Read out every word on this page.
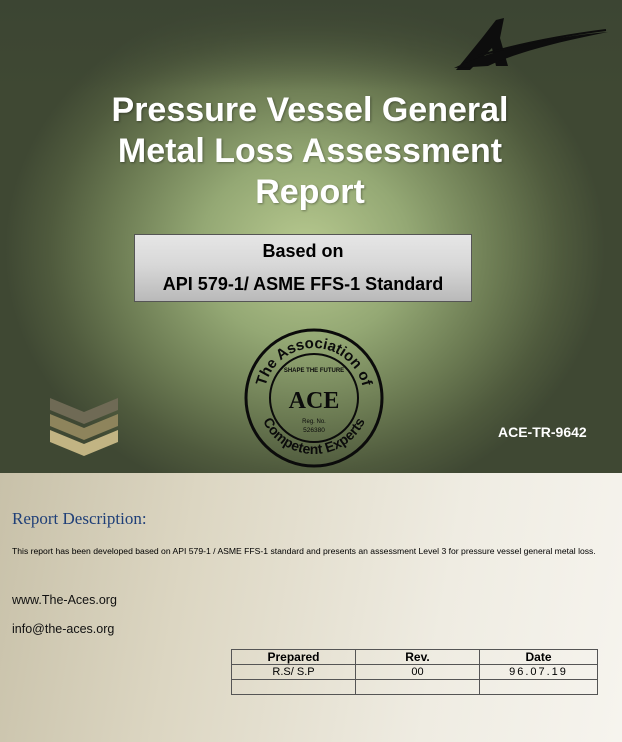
Pressure Vessel General
Metal Loss Assessment
Report
Based on
API 579-1/ ASME FFS-1 Standard
The Association of
Competent Experts
SHAPE THE FUTURE
ACE
Reg. No.
526380	ACE-TR-9642
Report Description:
This report has been developed based on API 579-1 / ASME FFS-1 standard and presents an assessment Level 3 for pressure vessel general metal loss.
www.The-Aces.org
info@the-aces.org
Prepared	Rev.	Date
R.S/ S.P	00	96.07.19
